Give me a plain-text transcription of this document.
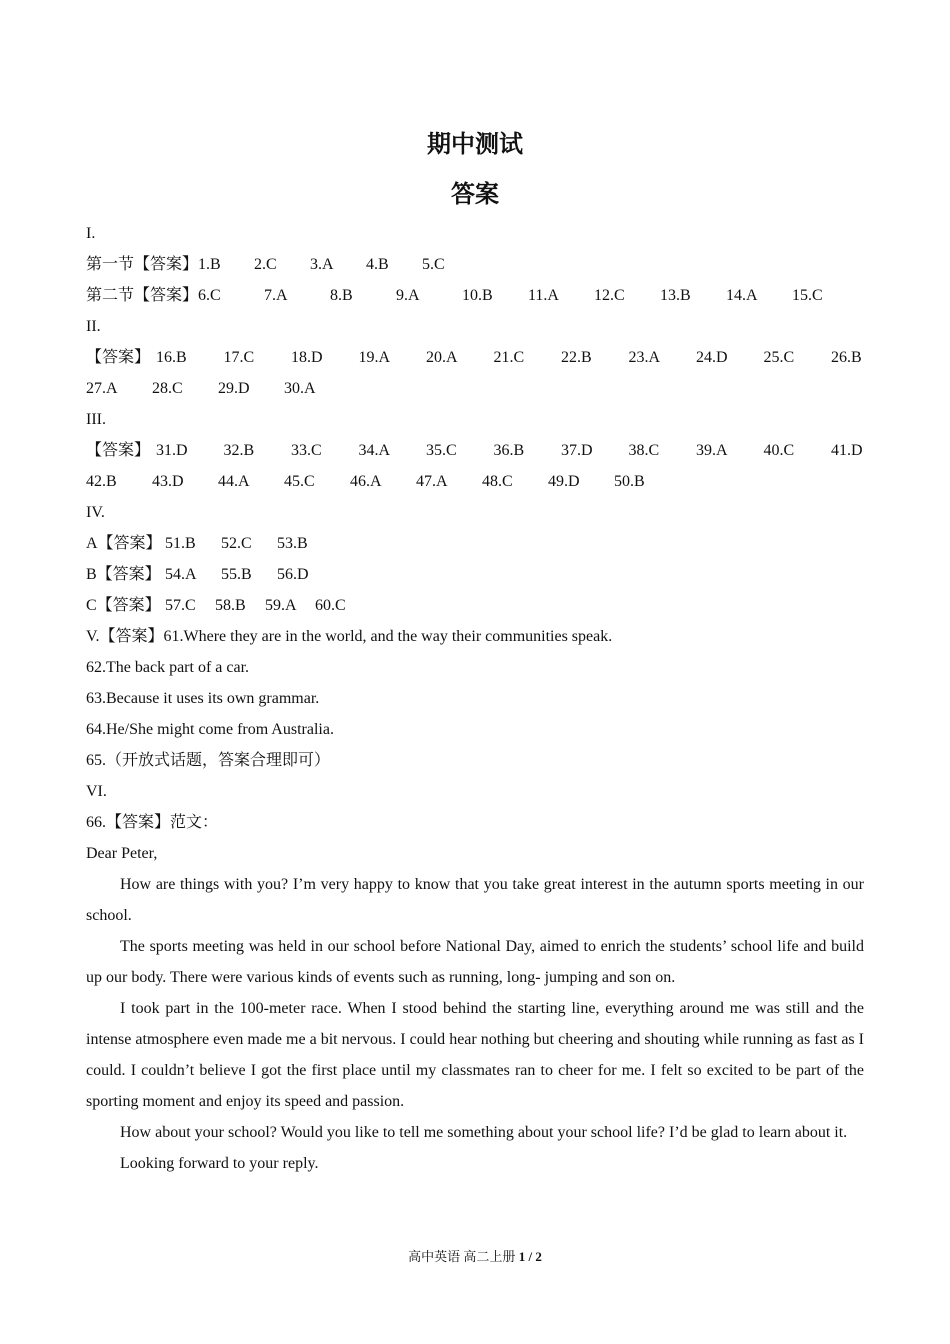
期中测试
答案
I.
第一节【答案】1.B 2.C 3.A 4.B 5.C
第二节【答案】6.C	7.A	8.B	9.A	10.B 11.A 12.C 13.B 14.A 15.C
II.
【答案】 16.B 17.C 18.D 19.A 20.A 21.C 22.B 23.A 24.D 25.C 26.B
27.A 28.C 29.D 30.A
III.
【答案】 31.D 32.B 33.C 34.A 35.C 36.B 37.D 38.C 39.A 40.C 41.D
42.B 43.D 44.A 45.C 46.A 47.A 48.C 49.D 50.B
IV.
A【答案】 51.B 52.C 53.B
B【答案】 54.A 55.B 56.D
C【答案】 57.C 58.B 59.A 60.C
V.【答案】61.Where they are in the world, and the way their communities speak.
62.The back part of a car.
63.Because it uses its own grammar.
64.He/She might come from Australia.
65.（开放式话题，答案合理即可）
VI.
66.【答案】范文：
Dear Peter,
How are things with you? I’m very happy to know that you take great interest in the autumn sports meeting in our school.
The sports meeting was held in our school before National Day, aimed to enrich the students’ school life and build up our body. There were various kinds of events such as running, long- jumping and son on.
I took part in the 100-meter race. When I stood behind the starting line, everything around me was still and the intense atmosphere even made me a bit nervous. I could hear nothing but cheering and shouting while running as fast as I could. I couldn’t believe I got the first place until my classmates ran to cheer for me. I felt so excited to be part of the sporting moment and enjoy its speed and passion.
How about your school? Would you like to tell me something about your school life? I’d be glad to learn about it.
Looking forward to your reply.
高中英语 高二上册 1 / 2
